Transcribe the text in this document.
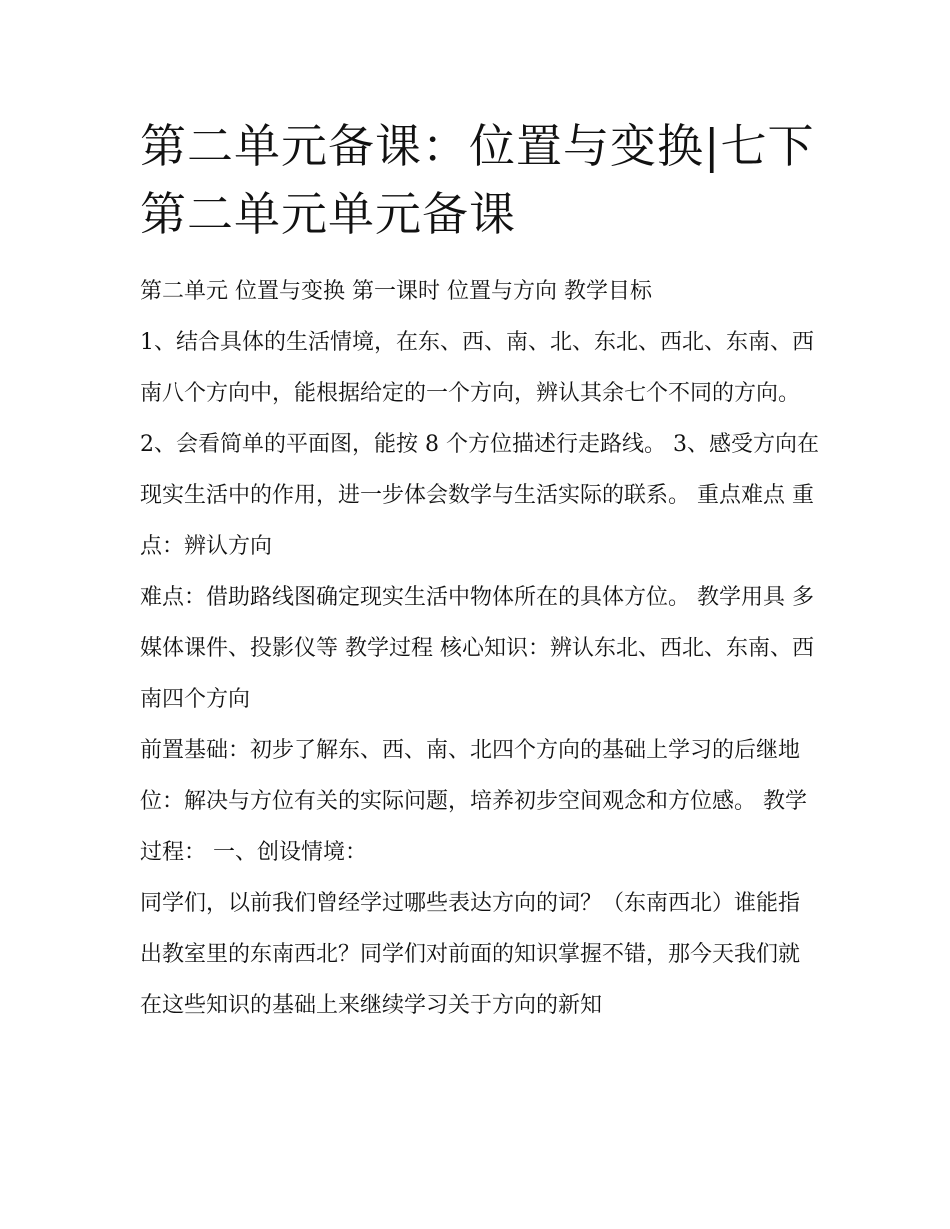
第二单元备课：位置与变换|七下第二单元单元备课

第二单元 位置与变换 第一课时 位置与方向 教学目标

1、结合具体的生活情境，在东、西、南、北、东北、西北、东南、西南八个方向中，能根据给定的一个方向，辨认其余七个不同的方向。

2、会看简单的平面图，能按 8 个方位描述行走路线。 3、感受方向在现实生活中的作用，进一步体会数学与生活实际的联系。 重点难点 重点：辨认方向

难点：借助路线图确定现实生活中物体所在的具体方位。 教学用具 多媒体课件、投影仪等 教学过程 核心知识：辨认东北、西北、东南、西南四个方向

前置基础：初步了解东、西、南、北四个方向的基础上学习的后继地位：解决与方位有关的实际问题，培养初步空间观念和方位感。 教学过程： 一、创设情境：

同学们，以前我们曾经学过哪些表达方向的词？（东南西北）谁能指出教室里的东南西北？同学们对前面的知识掌握不错，那今天我们就在这些知识的基础上来继续学习关于方向的新知
